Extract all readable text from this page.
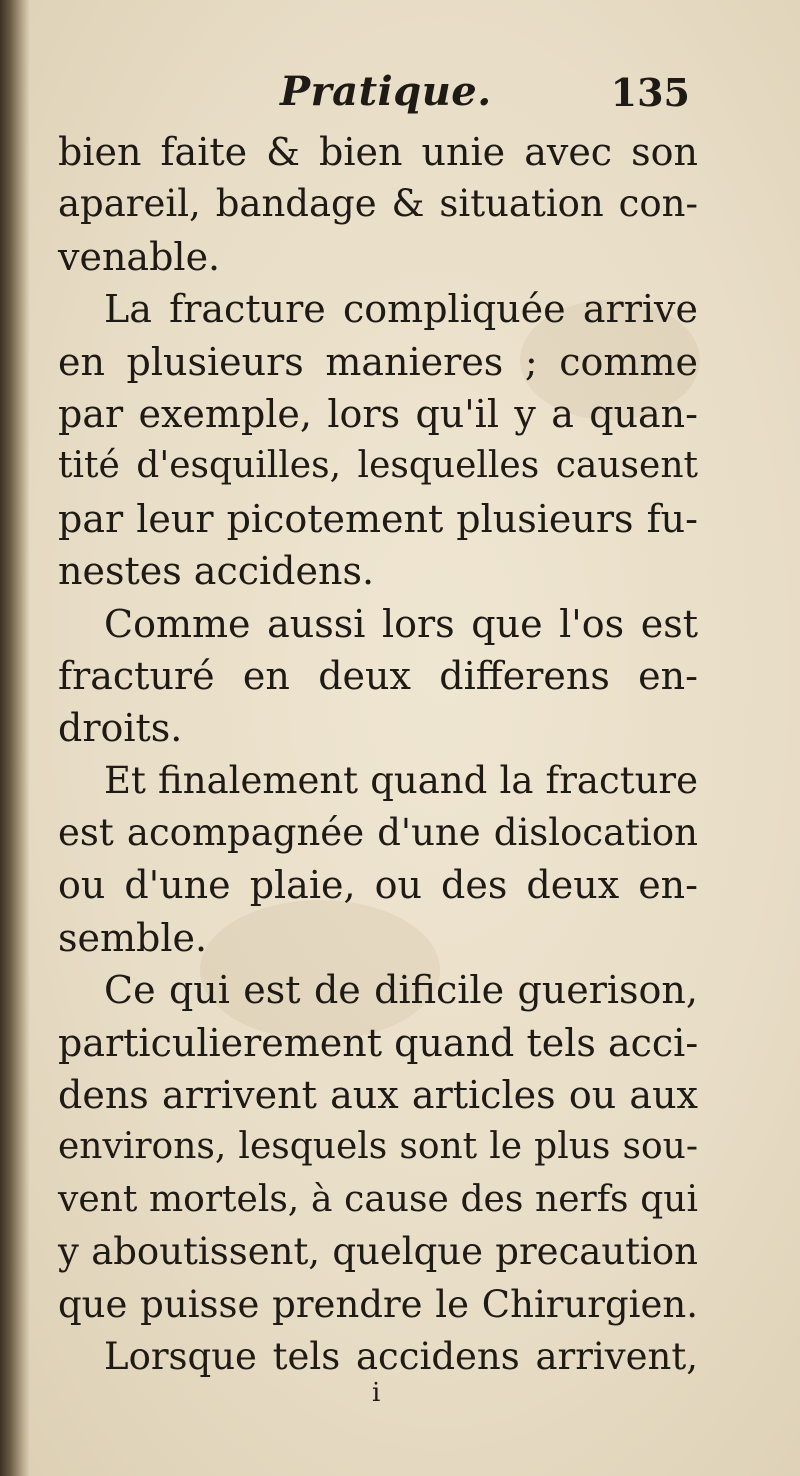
Pratique.	135
bien faite & bien unie avec son
apareil, bandage & situation con-
venable.
La fracture compliquée arrive
en plusieurs manieres ; comme
par exemple, lors qu'il y a quan-
tité d'esquilles, lesquelles causent
par leur picotement plusieurs fu-
nestes accidens.
Comme aussi lors que l'os est
fracturé en deux differens en-
droits.
Et finalement quand la fracture
est acompagnée d'une dislocation
ou d'une plaie, ou des deux en-
semble.
Ce qui est de dificile guerison,
particulierement quand tels acci-
dens arrivent aux articles ou aux
environs, lesquels sont le plus sou-
vent mortels, à cause des nerfs qui
y aboutissent, quelque precaution
que puisse prendre le Chirurgien.
Lorsque tels accidens arrivent,
i
